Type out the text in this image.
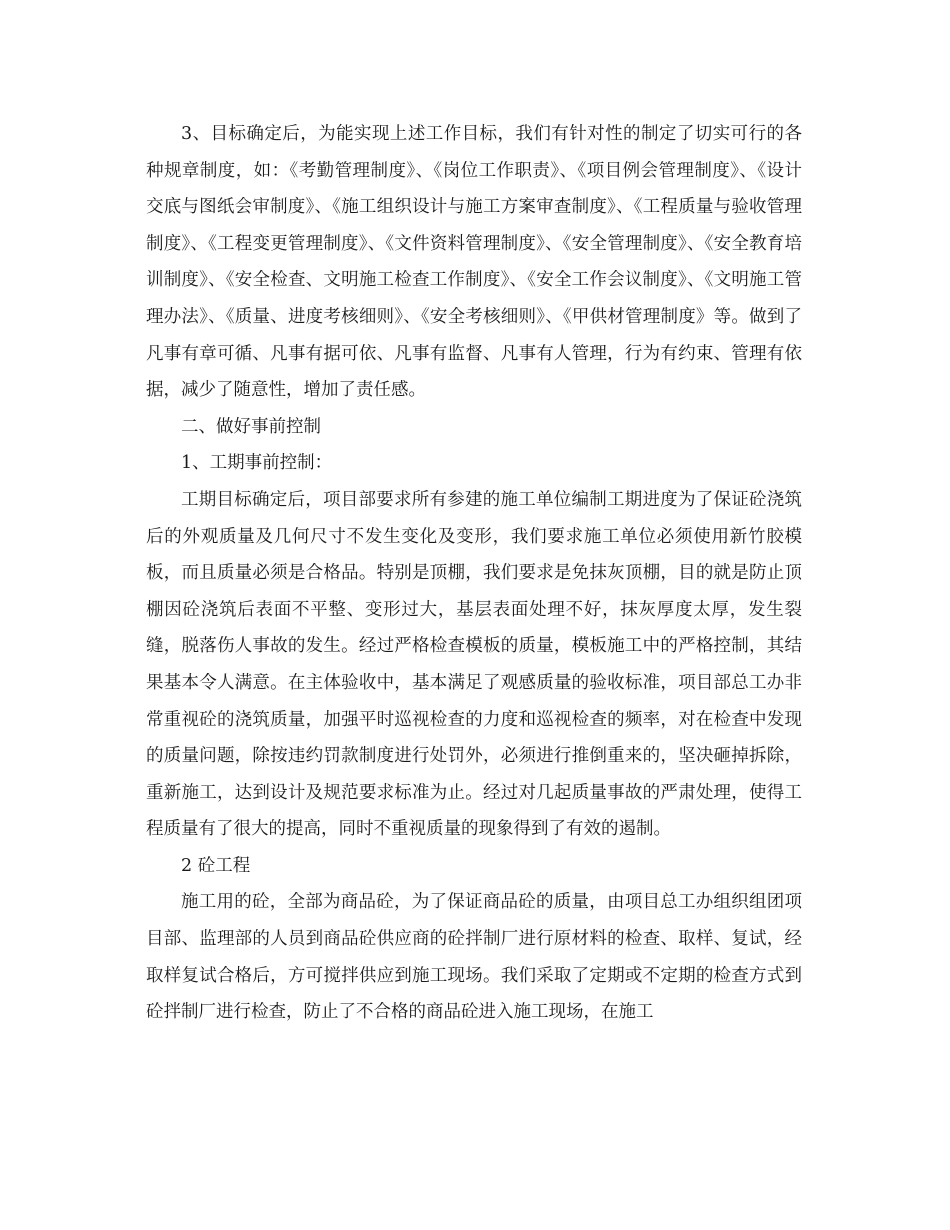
3、目标确定后，为能实现上述工作目标，我们有针对性的制定了切实可行的各种规章制度，如：《考勤管理制度》、《岗位工作职责》、《项目例会管理制度》、《设计交底与图纸会审制度》、《施工组织设计与施工方案审查制度》、《工程质量与验收管理制度》、《工程变更管理制度》、《文件资料管理制度》、《安全管理制度》、《安全教育培训制度》、《安全检查、文明施工检查工作制度》、《安全工作会议制度》、《文明施工管理办法》、《质量、进度考核细则》、《安全考核细则》、《甲供材管理制度》等。做到了凡事有章可循、凡事有据可依、凡事有监督、凡事有人管理，行为有约束、管理有依据，减少了随意性，增加了责任感。

二、做好事前控制

1、工期事前控制：

工期目标确定后，项目部要求所有参建的施工单位编制工期进度为了保证砼浇筑后的外观质量及几何尺寸不发生变化及变形，我们要求施工单位必须使用新竹胶模板，而且质量必须是合格品。特别是顶棚，我们要求是免抹灰顶棚，目的就是防止顶棚因砼浇筑后表面不平整、变形过大，基层表面处理不好，抹灰厚度太厚，发生裂缝，脱落伤人事故的发生。经过严格检查模板的质量，模板施工中的严格控制，其结果基本令人满意。在主体验收中，基本满足了观感质量的验收标准，项目部总工办非常重视砼的浇筑质量，加强平时巡视检查的力度和巡视检查的频率，对在检查中发现的质量问题，除按违约罚款制度进行处罚外，必须进行推倒重来的，坚决砸掉拆除，重新施工，达到设计及规范要求标准为止。经过对几起质量事故的严肃处理，使得工程质量有了很大的提高，同时不重视质量的现象得到了有效的遏制。

2 砼工程

施工用的砼，全部为商品砼，为了保证商品砼的质量，由项目总工办组织组团项目部、监理部的人员到商品砼供应商的砼拌制厂进行原材料的检查、取样、复试，经取样复试合格后，方可搅拌供应到施工现场。我们采取了定期或不定期的检查方式到砼拌制厂进行检查，防止了不合格的商品砼进入施工现场，在施工
